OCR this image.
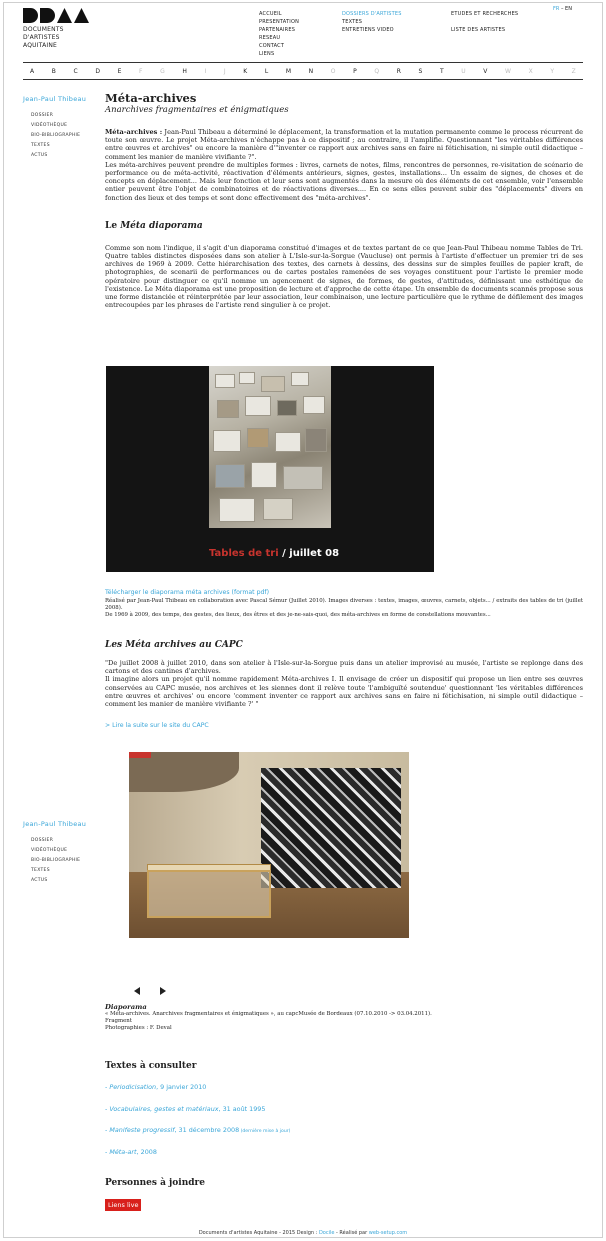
DOCUMENTS D'ARTISTES
AQUITAINE
ACCUEIL
PRESENTATION
PARTENAIRES
RESEAU
CONTACT
LIENS
DOSSIERS D'ARTISTES
TEXTES
ENTRETIENS VIDEO
ETUDES ET RECHERCHES

LISTE DES ARTISTES
FR – EN
A	B	C	D	E	F	G	H	I	J	K	L	M	N	O	P	Q	R	S	T	U	V	W	X	Y	Z
Jean-Paul Thibeau
DOSSIER
VIDÉOTHÈQUE
BIO-BIBLIOGRAPHIE
TEXTES
ACTUS
Jean-Paul Thibeau
DOSSIER
VIDÉOTHÈQUE
BIO-BIBLIOGRAPHIE
TEXTES
ACTUS
Méta-archives
Anarchives fragmentaires et énigmatiques

Méta-archives : Jean-Paul Thibeau a déterminé le déplacement, la transformation et la mutation permanente comme le process récurrent de toute son œuvre. Le projet Méta-archives n'échappe pas à ce dispositif ; au contraire, il l'amplifie. Questionnant "les véritables différences entre œuvres et archives" ou encore la manière d'"inventer ce rapport aux archives sans en faire ni fétichisation, ni simple outil didactique – comment les manier de manière vivifiante ?".

Les méta-archives peuvent prendre de multiples formes : livres, carnets de notes, films, rencontres de personnes, re-visitation de scénario de performance ou de méta-activité, réactivation d'éléments antérieurs, signes, gestes, installations... Un essaim de signes, de choses et de concepts en déplacement... Mais leur fonction et leur sens sont augmentés dans la mesure où des éléments de cet ensemble, voir l'ensemble entier peuvent être l'objet de combinatoires et de réactivations diverses.... En ce sens elles peuvent subir des "déplacements" divers en fonction des lieux et des temps et sont donc effectivement des "méta-archives".

Le Méta diaporama

Comme son nom l'indique, il s'agit d'un diaporama constitué d'images et de textes partant de ce que Jean-Paul Thibeau nomme Tables de Tri. Quatre tables distinctes disposées dans son atelier à L'Isle-sur-la-Sorgue (Vaucluse) ont permis à l'artiste d'effectuer un premier tri de ses archives de 1969 à 2009. Cette hiérarchisation des textes, des carnets à dessins, des dessins sur de simples feuilles de papier kraft, de photographies, de scenarii de performances ou de cartes postales ramenées de ses voyages constituent pour l'artiste le premier mode opératoire pour distinguer ce qu'il nomme un agencement de signes, de formes, de gestes, d'attitudes, définissant une esthétique de l'existence. Le Méta diaporama est une proposition de lecture et d'approche de cette étape. Un ensemble de documents scannés propose sous une forme distanciée et réinterprétée par leur association, leur combinaison, une lecture particulière que le rythme de défilement des images entrecoupées par les phrases de l'artiste rend singulier à ce projet.

Tables de tri / juillet 08
Télécharger le diaporama méta archives (format pdf)

Réalisé par Jean-Paul Thibeau en collaboration avec Pascal Sémur (Juillet 2010). Images diverses : textes, images, œuvres, carnets, objets... / extraits des tables de tri (juillet 2008).

De 1969 à 2009, des temps, des gestes, des lieux, des êtres et des je-ne-sais-quoi, des méta-archives en forme de constellations mouvantes...

Les Méta archives au CAPC

"De juillet 2008 à juillet 2010, dans son atelier à l'Isle-sur-la-Sorgue puis dans un atelier improvisé au musée, l'artiste se replonge dans des cartons et des cantines d'archives.

Il imagine alors un projet qu'il nomme rapidement Méta-archives I. Il envisage de créer un dispositif qui propose un lien entre ses œuvres conservées au CAPC musée, nos archives et les siennes dont il relève toute 'l'ambiguïté soutendue' questionnant 'les véritables différences entre œuvres et archives' ou encore 'comment inventer ce rapport aux archives sans en faire ni fétichisation, ni simple outil didactique – comment les manier de manière vivifiante ?' "

> Lire la suite sur le site du CAPC
Diaporama

« Méta-archives. Anarchives fragmentaires et énigmatiques », au capcMusée de Bordeaux (07.10.2010 -> 03.04.2011).

Fragment

Photographies : F. Deval

Textes à consulter
- Periodicisation, 9 janvier 2010
- Vocabulaires, gestes et matériaux, 31 août 1995
- Manifeste progressif, 31 décembre 2008 (dernière mise à jour)
- Méta-art, 2008
Personnes à joindre
Liens live
Documents d'artistes Aquitaine - 2015 Design : Docile - Réalisé par web-setup.com
